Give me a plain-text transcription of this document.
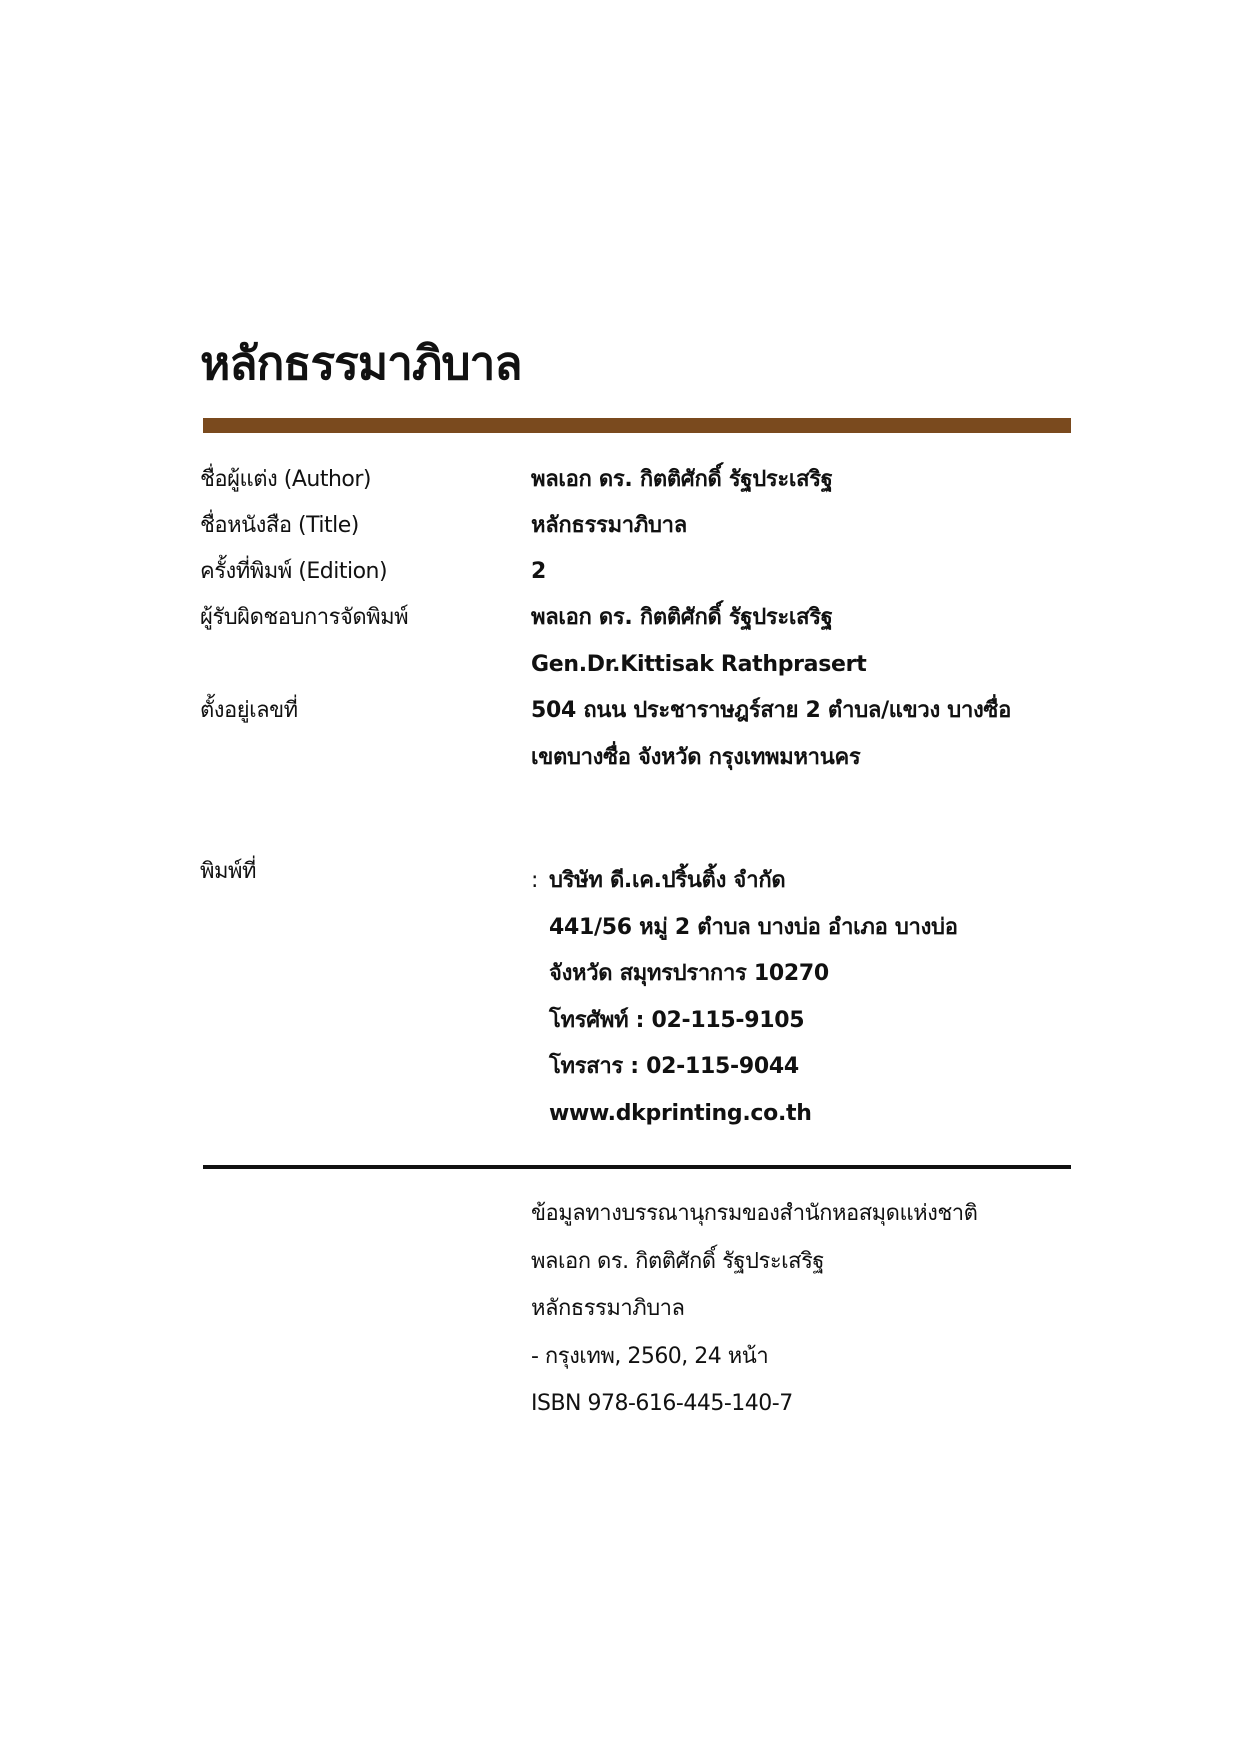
หลักธรรมาภิบาล
ชื่อผู้แต่ง (Author)	พลเอก ดร. กิตติศักดิ์ รัฐประเสริฐ
ชื่อหนังสือ (Title)	หลักธรรมาภิบาล
ครั้งที่พิมพ์ (Edition)	2
ผู้รับผิดชอบการจัดพิมพ์	พลเอก ดร. กิตติศักดิ์ รัฐประเสริฐ
Gen.Dr.Kittisak Rathprasert
ตั้งอยู่เลขที่	504 ถนน ประชาราษฎร์สาย 2 ตำบล/แขวง บางซื่อ
เขตบางซื่อ จังหวัด กรุงเทพมหานคร
พิมพ์ที่	: บริษัท ดี.เค.ปริ้นติ้ง จำกัด
441/56 หมู่ 2 ตำบล บางบ่อ อำเภอ บางบ่อ
จังหวัด สมุทรปราการ 10270
โทรศัพท์ : 02-115-9105
โทรสาร : 02-115-9044
www.dkprinting.co.th
ข้อมูลทางบรรณานุกรมของสำนักหอสมุดแห่งชาติ
พลเอก ดร. กิตติศักดิ์ รัฐประเสริฐ
หลักธรรมาภิบาล
- กรุงเทพ, 2560, 24 หน้า
ISBN 978-616-445-140-7
